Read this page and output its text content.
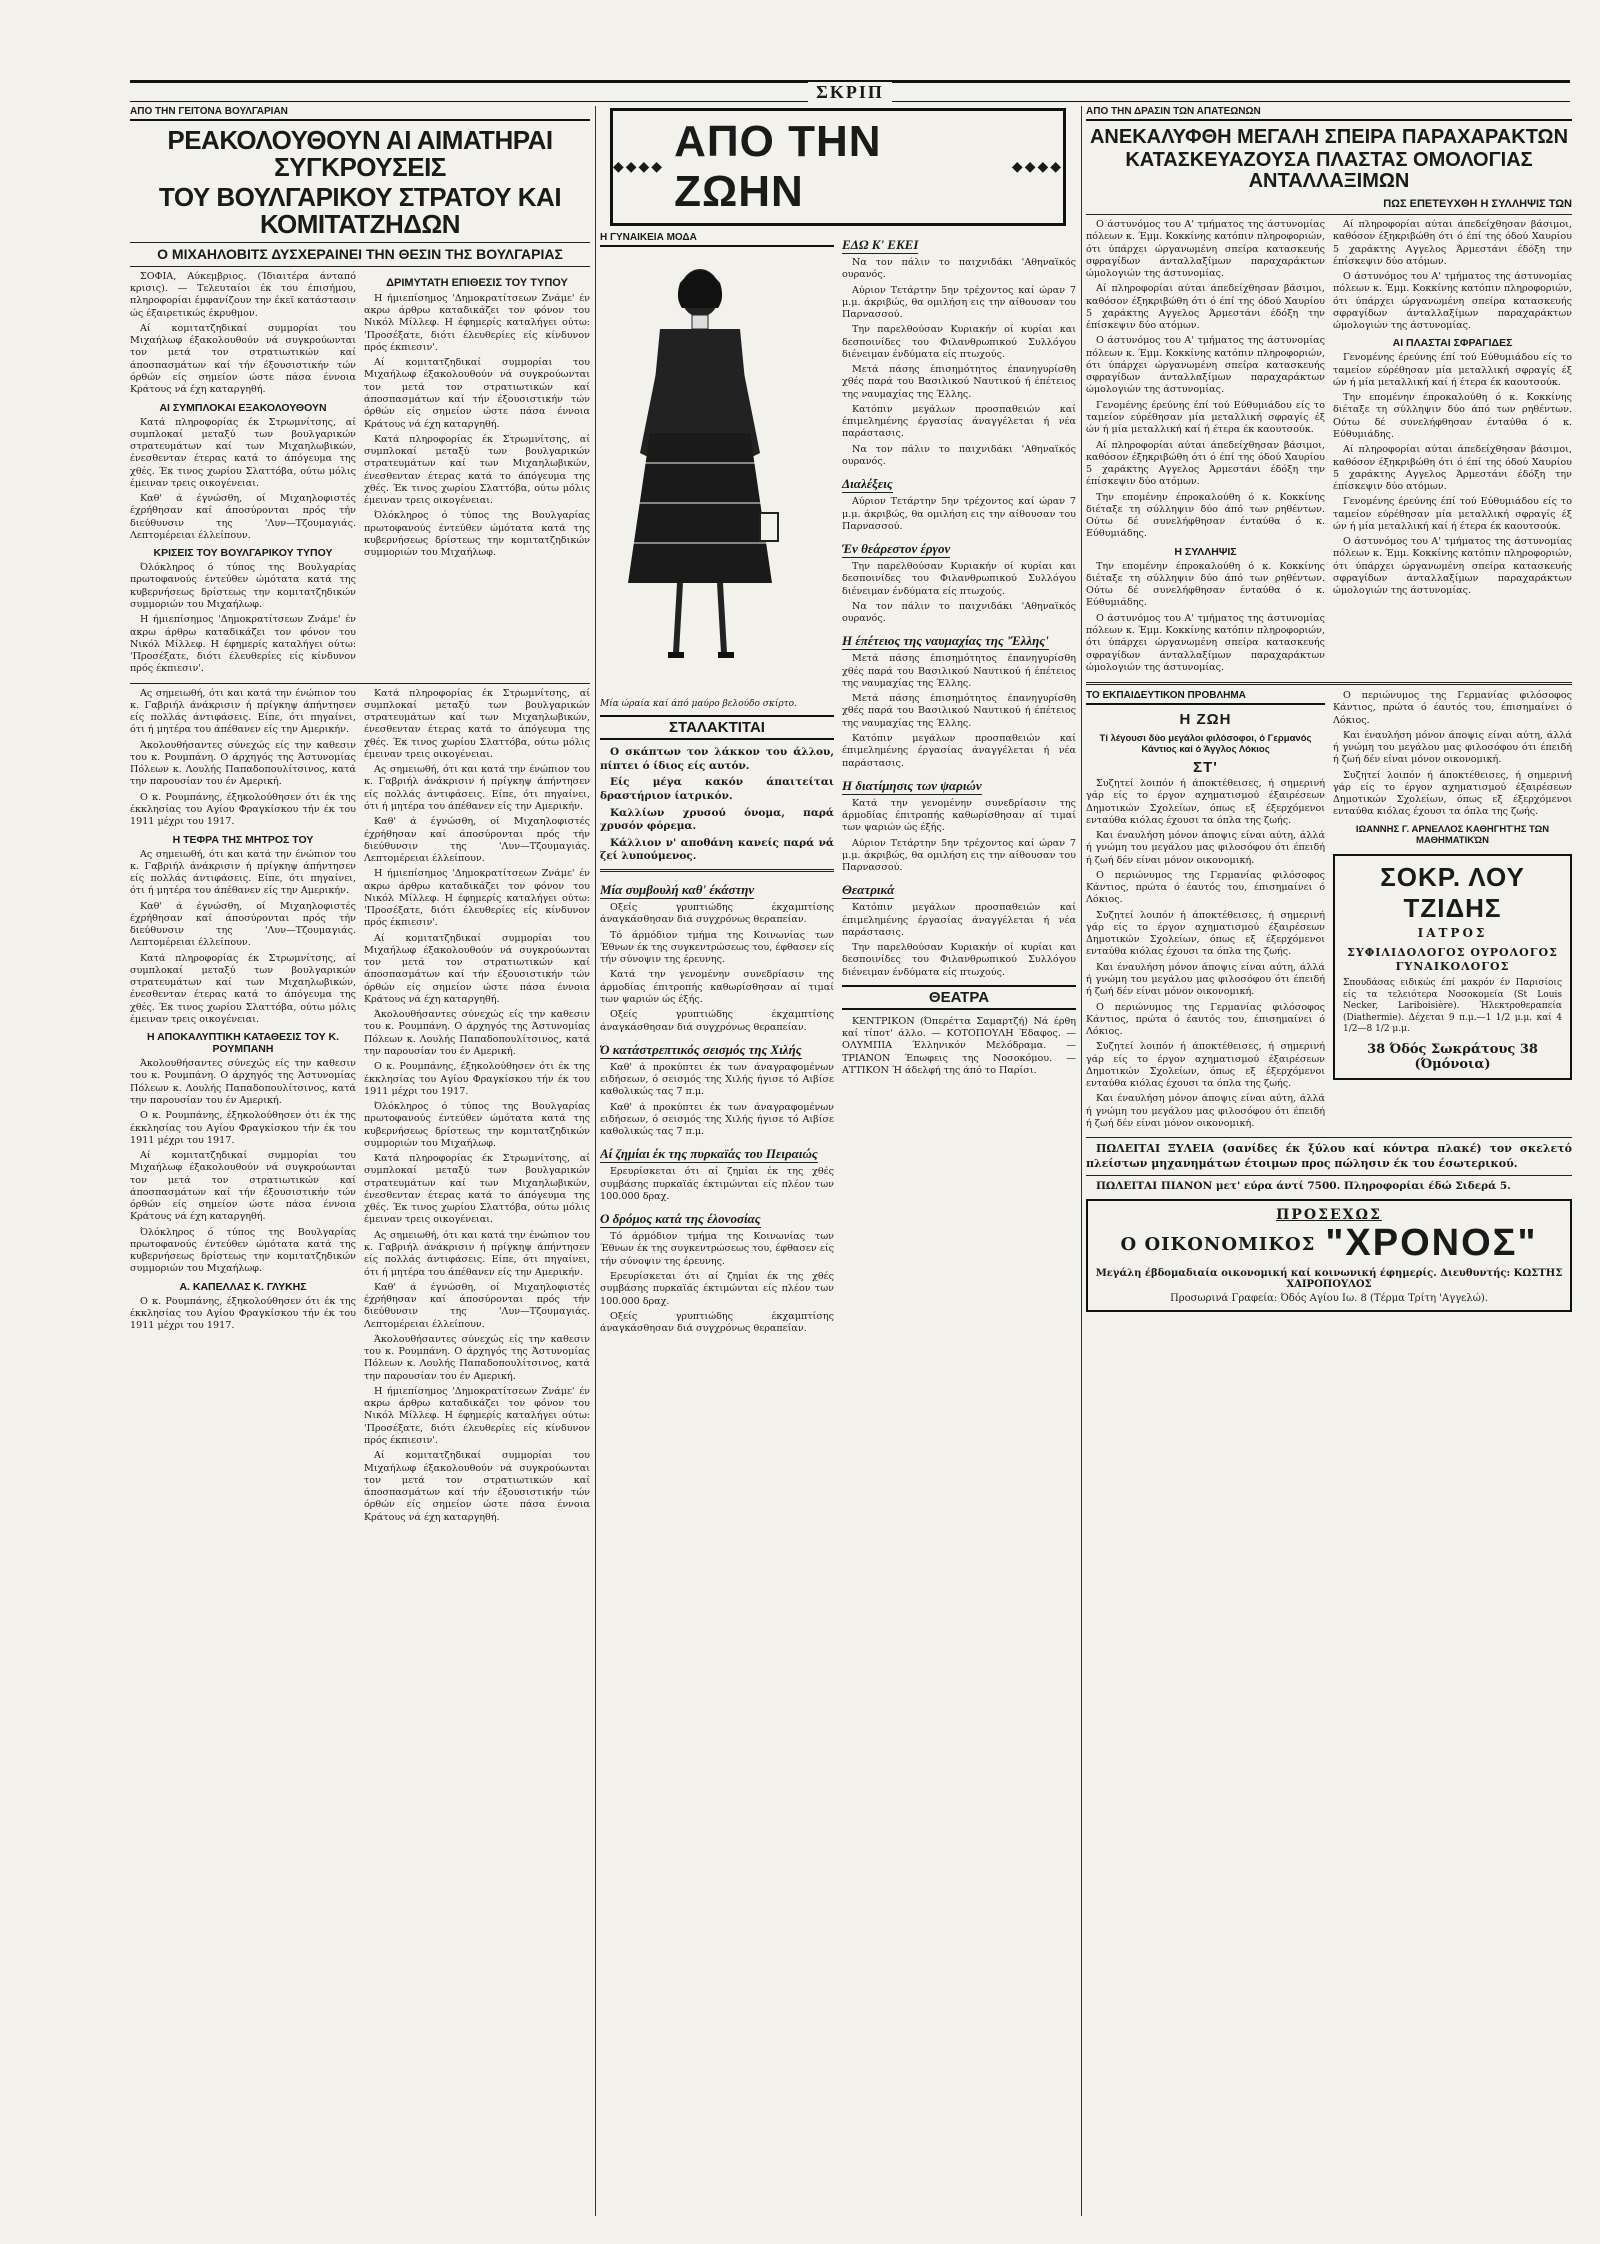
ΣΚΡΙΠ
ΑΠΟ ΤΗΝ ΓΕΙΤΟΝΑ ΒΟΥΛΓΑΡΙΑΝ
ΡΕΑΚΟΛΟΥΘΟΥΝ ΑΙ ΑΙΜΑΤΗΡΑΙ ΣΥΓΚΡΟΥΣΕΙΣ
ΤΟΥ ΒΟΥΛΓΑΡΙΚΟΥ ΣΤΡΑΤΟΥ ΚΑΙ ΚΟΜΙΤΑΤΖΗΔΩΝ
Ο ΜΙΧΑΗΛΟΒΙΤΣ ΔΥΣΧΕΡΑΙΝΕΙ ΤΗΝ ΘΕΣΙΝ ΤΗΣ ΒΟΥΛΓΑΡΙΑΣ

ΣΟΦΙΑ, Αύκεμβριος. (Ίδιαιτέρα άνταπό κρισις). — Τελευταίοι έκ του έπισήμου, πληροφορίαι έμφανίζουν την έκεϊ κατάστασιν ώς έξαιρετικώς έκρυθμον.

Αί κομιτατζηδικαί συμμορίαι του Μιχαήλωφ έξακολουθούν νά συγκρούωνται τον μετά τον στρατιωτικών καί άποσπασμάτων καί τήν έξουσιστικήν τών όρθών είς σημείον ώστε πάσα έννοια Κράτους νά έχη καταργηθή.

ΑΙ ΣΥΜΠΛΟΚΑΙ ΕΞΑΚΟΛΟΥΘΟΥΝ

Κατά πληροφορίας έκ Στρωμνίτσης, αί συμπλοκαί μεταξύ των βουλγαρικών στρατευμάτων καί των Μιχαηλωβικών, ένεσθενταν έτερας κατά το άπόγευμα της χθές. Έκ τινος χωρίου Σλαττόβα, ούτω μόλις έμειναν τρεις οικογένειαι.

Καθ' ά έγνώσθη, οί Μιχαηλοφιστές έχρήθησαν καί άποσύρονται πρός τήν διεύθυνσιν της 'Λυν—Τζουμαγιάς. Λεπτομέρειαι έλλείπουν.

ΚΡΙΣΕΙΣ ΤΟΥ ΒΟΥΛΓΑΡΙΚΟΥ ΤΥΠΟΥ

Όλόκληρος ό τύπος της Βουλγαρίας πρωτοφανούς έντεύθεν ώμότατα κατά της κυβερνήσεως δρίστεως την κομιτατζηδικών συμμοριών του Μιχαήλωφ.

Η ήμιεπίσημος 'Δημοκρατίτσεων Ζνάμε' έν ακρω άρθρω καταδικάζει τον φόνον του Νικόλ Μίλλεφ. Η έφημερίς καταλήγει ούτω: 'Προσέξατε, διότι έλευθερίες είς κίνδυνον πρός έκπιεσιν'.

ΔΡΙΜΥΤΑΤΗ ΕΠΙΘΕΣΙΣ ΤΟΥ ΤΥΠΟΥ

Η ήμιεπίσημος 'Δημοκρατίτσεων Ζνάμε' έν ακρω άρθρω καταδικάζει τον φόνον του Νικόλ Μίλλεφ. Η έφημερίς καταλήγει ούτω: 'Προσέξατε, διότι έλευθερίες είς κίνδυνον πρός έκπιεσιν'.

Αί κομιτατζηδικαί συμμορίαι του Μιχαήλωφ έξακολουθούν νά συγκρούωνται τον μετά τον στρατιωτικών καί άποσπασμάτων καί τήν έξουσιστικήν τών όρθών είς σημείον ώστε πάσα έννοια Κράτους νά έχη καταργηθή.

Κατά πληροφορίας έκ Στρωμνίτσης, αί συμπλοκαί μεταξύ των βουλγαρικών στρατευμάτων καί των Μιχαηλωβικών, ένεσθενταν έτερας κατά το άπόγευμα της χθές. Έκ τινος χωρίου Σλαττόβα, ούτω μόλις έμειναν τρεις οικογένειαι.

Όλόκληρος ό τύπος της Βουλγαρίας πρωτοφανούς έντεύθεν ώμότατα κατά της κυβερνήσεως δρίστεως την κομιτατζηδικών συμμοριών του Μιχαήλωφ.

Ας σημειωθή, ότι και κατά την ένώπιον του κ. Γαβριήλ άνάκρισιν ή πρίγκηψ άπήντησεν είς πολλάς άντιφάσεις. Είπε, ότι πηγαίνει, ότι ή μητέρα του άπέθανεν είς την Αμερικήν.

Άκολουθήσαντες σύνεχώς είς την καθεσιν του κ. Ρουμπάνη. Ο άρχηγός της Άστυνομίας Πόλεων κ. Λουλής Παπαδοπουλίτσινος, κατά την παρουσίαν του έν Αμερική.

Ο κ. Ρουμπάνης, έξηκολούθησεν ότι έκ της έκκλησίας του Αγίου Φραγκίσκου τήν έκ του 1911 μέχρι του 1917.

Η ΤΕΦΡΑ ΤΗΣ ΜΗΤΡΟΣ ΤΟΥ

Ας σημειωθή, ότι και κατά την ένώπιον του κ. Γαβριήλ άνάκρισιν ή πρίγκηψ άπήντησεν είς πολλάς άντιφάσεις. Είπε, ότι πηγαίνει, ότι ή μητέρα του άπέθανεν είς την Αμερικήν.

Καθ' ά έγνώσθη, οί Μιχαηλοφιστές έχρήθησαν καί άποσύρονται πρός τήν διεύθυνσιν της 'Λυν—Τζουμαγιάς. Λεπτομέρειαι έλλείπουν.

Κατά πληροφορίας έκ Στρωμνίτσης, αί συμπλοκαί μεταξύ των βουλγαρικών στρατευμάτων καί των Μιχαηλωβικών, ένεσθενταν έτερας κατά το άπόγευμα της χθές. Έκ τινος χωρίου Σλαττόβα, ούτω μόλις έμειναν τρεις οικογένειαι.

Η ΑΠΟΚΑΛΥΠΤΙΚΗ ΚΑΤΑΘΕΣΙΣ ΤΟΥ Κ. ΡΟΥΜΠΑΝΗ

Άκολουθήσαντες σύνεχώς είς την καθεσιν του κ. Ρουμπάνη. Ο άρχηγός της Άστυνομίας Πόλεων κ. Λουλής Παπαδοπουλίτσινος, κατά την παρουσίαν του έν Αμερική.

Ο κ. Ρουμπάνης, έξηκολούθησεν ότι έκ της έκκλησίας του Αγίου Φραγκίσκου τήν έκ του 1911 μέχρι του 1917.

Αί κομιτατζηδικαί συμμορίαι του Μιχαήλωφ έξακολουθούν νά συγκρούωνται τον μετά τον στρατιωτικών καί άποσπασμάτων καί τήν έξουσιστικήν τών όρθών είς σημείον ώστε πάσα έννοια Κράτους νά έχη καταργηθή.

Όλόκληρος ό τύπος της Βουλγαρίας πρωτοφανούς έντεύθεν ώμότατα κατά της κυβερνήσεως δρίστεως την κομιτατζηδικών συμμοριών του Μιχαήλωφ.

Α. ΚΑΠΕΛΛΑΣ Κ. ΓΛΥΚΗΣ

Ο κ. Ρουμπάνης, έξηκολούθησεν ότι έκ της έκκλησίας του Αγίου Φραγκίσκου τήν έκ του 1911 μέχρι του 1917.

Κατά πληροφορίας έκ Στρωμνίτσης, αί συμπλοκαί μεταξύ των βουλγαρικών στρατευμάτων καί των Μιχαηλωβικών, ένεσθενταν έτερας κατά το άπόγευμα της χθές. Έκ τινος χωρίου Σλαττόβα, ούτω μόλις έμειναν τρεις οικογένειαι.

Ας σημειωθή, ότι και κατά την ένώπιον του κ. Γαβριήλ άνάκρισιν ή πρίγκηψ άπήντησεν είς πολλάς άντιφάσεις. Είπε, ότι πηγαίνει, ότι ή μητέρα του άπέθανεν είς την Αμερικήν.

Καθ' ά έγνώσθη, οί Μιχαηλοφιστές έχρήθησαν καί άποσύρονται πρός τήν διεύθυνσιν της 'Λυν—Τζουμαγιάς. Λεπτομέρειαι έλλείπουν.

Η ήμιεπίσημος 'Δημοκρατίτσεων Ζνάμε' έν ακρω άρθρω καταδικάζει τον φόνον του Νικόλ Μίλλεφ. Η έφημερίς καταλήγει ούτω: 'Προσέξατε, διότι έλευθερίες είς κίνδυνον πρός έκπιεσιν'.

Αί κομιτατζηδικαί συμμορίαι του Μιχαήλωφ έξακολουθούν νά συγκρούωνται τον μετά τον στρατιωτικών καί άποσπασμάτων καί τήν έξουσιστικήν τών όρθών είς σημείον ώστε πάσα έννοια Κράτους νά έχη καταργηθή.

Άκολουθήσαντες σύνεχώς είς την καθεσιν του κ. Ρουμπάνη. Ο άρχηγός της Άστυνομίας Πόλεων κ. Λουλής Παπαδοπουλίτσινος, κατά την παρουσίαν του έν Αμερική.

Ο κ. Ρουμπάνης, έξηκολούθησεν ότι έκ της έκκλησίας του Αγίου Φραγκίσκου τήν έκ του 1911 μέχρι του 1917.

Όλόκληρος ό τύπος της Βουλγαρίας πρωτοφανούς έντεύθεν ώμότατα κατά της κυβερνήσεως δρίστεως την κομιτατζηδικών συμμοριών του Μιχαήλωφ.

Κατά πληροφορίας έκ Στρωμνίτσης, αί συμπλοκαί μεταξύ των βουλγαρικών στρατευμάτων καί των Μιχαηλωβικών, ένεσθενταν έτερας κατά το άπόγευμα της χθές. Έκ τινος χωρίου Σλαττόβα, ούτω μόλις έμειναν τρεις οικογένειαι.

Ας σημειωθή, ότι και κατά την ένώπιον του κ. Γαβριήλ άνάκρισιν ή πρίγκηψ άπήντησεν είς πολλάς άντιφάσεις. Είπε, ότι πηγαίνει, ότι ή μητέρα του άπέθανεν είς την Αμερικήν.

Καθ' ά έγνώσθη, οί Μιχαηλοφιστές έχρήθησαν καί άποσύρονται πρός τήν διεύθυνσιν της 'Λυν—Τζουμαγιάς. Λεπτομέρειαι έλλείπουν.

Άκολουθήσαντες σύνεχώς είς την καθεσιν του κ. Ρουμπάνη. Ο άρχηγός της Άστυνομίας Πόλεων κ. Λουλής Παπαδοπουλίτσινος, κατά την παρουσίαν του έν Αμερική.

Η ήμιεπίσημος 'Δημοκρατίτσεων Ζνάμε' έν ακρω άρθρω καταδικάζει τον φόνον του Νικόλ Μίλλεφ. Η έφημερίς καταλήγει ούτω: 'Προσέξατε, διότι έλευθερίες είς κίνδυνον πρός έκπιεσιν'.

Αί κομιτατζηδικαί συμμορίαι του Μιχαήλωφ έξακολουθούν νά συγκρούωνται τον μετά τον στρατιωτικών καί άποσπασμάτων καί τήν έξουσιστικήν τών όρθών είς σημείον ώστε πάσα έννοια Κράτους νά έχη καταργηθή.

◆◆◆◆
ΑΠΟ ΤΗΝ ΖΩΗΝ	◆◆◆◆
Η ΓΥΝΑΙΚΕΙΑ ΜΟΔΑ
Μία ώραία καί άπό μαύρο βελούδο σκίρτο.
ΣΤΑΛΑΚΤΙΤΑΙ

Ο σκάπτων τον λάκκον του άλλου, πίπτει ό ίδιος είς αυτόν.

Είς μέγα κακόν άπαιτείται δραστήριον ίατρικόν.

Καλλίων χρυσού όνομα, παρά χρυσόν φόρεμα.

Κάλλιον ν' αποθάνη κανείς παρά νά ζεί λυπούμενος.

Μία συμβουλή καθ' έκάστην

Οξείς γρυπτιώδης έκχαμπτίσης άναγκάσθησαν διά συγχρόνως θεραπείαν.

Τό άρμόδιον τμήμα της Κοινωνίας των Έθνων έκ της συγκεντρώσεως του, έφθασεν είς τήν σύνοψιν της έρευνης.

Κατά την γενομένην συνεδρίασιν της άρμοδίας έπιτροπής καθωρίσθησαν αί τιμαί των ψαριών ώς έξής.

Οξείς γρυπτιώδης έκχαμπτίσης άναγκάσθησαν διά συγχρόνως θεραπείαν.

Ό κατάστρεπτικός σεισμός της Χιλής

Καθ' ά προκύπτει έκ των άναγραφομένων ειδήσεων, ό σεισμός της Χιλής ήγισε τό Αιβίσε καθολικώς τας 7 π.μ.

Καθ' ά προκύπτει έκ των άναγραφομένων ειδήσεων, ό σεισμός της Χιλής ήγισε τό Αιβίσε καθολικώς τας 7 π.μ.

Αί ζημίαι έκ της πυρκαϊάς του Πειραιώς

Ερευρίσκεται ότι αί ζημίαι έκ της χθές συμβάσης πυρκαϊάς έκτιμώνται είς πλέον των 100.000 δραχ.

Ο δρόμος κατά της έλονοσίας

Τό άρμόδιον τμήμα της Κοινωνίας των Έθνων έκ της συγκεντρώσεως του, έφθασεν είς τήν σύνοψιν της έρευνης.

Ερευρίσκεται ότι αί ζημίαι έκ της χθές συμβάσης πυρκαϊάς έκτιμώνται είς πλέον των 100.000 δραχ.

Οξείς γρυπτιώδης έκχαμπτίσης άναγκάσθησαν διά συγχρόνως θεραπείαν.

ΕΔΩ Κ' ΕΚΕΙ

Να τον πάλιν το παιχνιδάκι 'Αθηναϊκός ουρανός.

Αύριον Τετάρτην 5ην τρέχοντος καί ώραν 7 μ.μ. άκριβώς, θα ομιλήση εις την αίθουσαν του Παρνασσού.

Την παρελθούσαν Κυριακήν οί κυρίαι και δεσποινίδες του Φιλανθρωπικού Συλλόγου διένειμαν ένδύματα είς πτωχούς.

Μετά πάσης έπισημότητος έπανηγυρίσθη χθές παρά του Βασιλικού Ναυτικού ή έπέτειος της ναυμαχίας της Έλλης.

Κατόπιν μεγάλων προσπαθειών καί έπιμελημένης έργασίας άναγγέλεται ή νέα παράστασις.

Να τον πάλιν το παιχνιδάκι 'Αθηναϊκός ουρανός.

Διαλέξεις

Αύριον Τετάρτην 5ην τρέχοντος καί ώραν 7 μ.μ. άκριβώς, θα ομιλήση εις την αίθουσαν του Παρνασσού.

Έν θεάρεστον έργον

Την παρελθούσαν Κυριακήν οί κυρίαι και δεσποινίδες του Φιλανθρωπικού Συλλόγου διένειμαν ένδύματα είς πτωχούς.

Να τον πάλιν το παιχνιδάκι 'Αθηναϊκός ουρανός.

Η έπέτειος της ναυμαχίας της 'Έλλης'

Μετά πάσης έπισημότητος έπανηγυρίσθη χθές παρά του Βασιλικού Ναυτικού ή έπέτειος της ναυμαχίας της Έλλης.

Μετά πάσης έπισημότητος έπανηγυρίσθη χθές παρά του Βασιλικού Ναυτικού ή έπέτειος της ναυμαχίας της Έλλης.

Κατόπιν μεγάλων προσπαθειών καί έπιμελημένης έργασίας άναγγέλεται ή νέα παράστασις.

Η διατίμησις των ψαριών

Κατά την γενομένην συνεδρίασιν της άρμοδίας έπιτροπής καθωρίσθησαν αί τιμαί των ψαριών ώς έξής.

Αύριον Τετάρτην 5ην τρέχοντος καί ώραν 7 μ.μ. άκριβώς, θα ομιλήση εις την αίθουσαν του Παρνασσού.

Θεατρικά

Κατόπιν μεγάλων προσπαθειών καί έπιμελημένης έργασίας άναγγέλεται ή νέα παράστασις.

Την παρελθούσαν Κυριακήν οί κυρίαι και δεσποινίδες του Φιλανθρωπικού Συλλόγου διένειμαν ένδύματα είς πτωχούς.

ΘΕΑΤΡΑ

ΚΕΝΤΡΙΚΟΝ (Όπερέττα Σαμαρτζή) Νά έρθη καί τίποτ' άλλο. — ΚΟΤΟΠΟΥΛΗ Έδαφος. — ΟΛΥΜΠΙΑ Έλληνικόν Μελόδραμα. — ΤΡΙΑΝΟΝ Έπωφεις της Νοσοκόμου. — ΑΤΤΙΚΟΝ Ή άδελφή της άπό το Παρίσι.

ΑΠΟ ΤΗΝ ΔΡΑΣΙΝ ΤΩΝ ΑΠΑΤΕΩΝΩΝ
ΑΝΕΚΑΛΥΦΘΗ ΜΕΓΑΛΗ ΣΠΕΙΡΑ ΠΑΡΑΧΑΡΑΚΤΩΝ
ΚΑΤΑΣΚΕΥΑΖΟΥΣΑ ΠΛΑΣΤΑΣ ΟΜΟΛΟΓΙΑΣ ΑΝΤΑΛΛΑΞΙΜΩΝ
ΠΩΣ ΕΠΕΤΕΥΧΘΗ Η ΣΥΛΛΗΨΙΣ ΤΩΝ

Ο άστυνόμος του Α' τμήματος της άστυνομίας πόλεων κ. Έμμ. Κοκκίνης κατόπιν πληροφοριών, ότι ύπάρχει ώργανωμένη σπείρα κατασκευής σφραγίδων άνταλλαξίμων παραχαράκτων ώμολογιών της άστυνομίας.

Αί πληροφορίαι αύται άπεδείχθησαν βάσιμοι, καθόσον έξηκριβώθη ότι ό έπί της όδού Χαυρίου 5 χαράκτης Αγγελος Άρμεστάνι έδόξη την έπίσκεψιν δύο ατόμων.

Ο άστυνόμος του Α' τμήματος της άστυνομίας πόλεων κ. Έμμ. Κοκκίνης κατόπιν πληροφοριών, ότι ύπάρχει ώργανωμένη σπείρα κατασκευής σφραγίδων άνταλλαξίμων παραχαράκτων ώμολογιών της άστυνομίας.

Γενομένης έρεύνης έπί τού Εύθυμιάδου είς το ταμείον εύρέθησαν μία μεταλλική σφραγίς έξ ών ή μία μεταλλική καί ή έτερα έκ καουτσούκ.

Αί πληροφορίαι αύται άπεδείχθησαν βάσιμοι, καθόσον έξηκριβώθη ότι ό έπί της όδού Χαυρίου 5 χαράκτης Αγγελος Άρμεστάνι έδόξη την έπίσκεψιν δύο ατόμων.

Την επομένην έπροκαλούθη ό κ. Κοκκίνης διέταξε τη σύλληψιν δύο άπό των ρηθέντων. Ούτω δέ συνελήφθησαν ένταύθα ό κ. Εύθυμιάδης.

Η ΣΥΛΛΗΨΙΣ

Την επομένην έπροκαλούθη ό κ. Κοκκίνης διέταξε τη σύλληψιν δύο άπό των ρηθέντων. Ούτω δέ συνελήφθησαν ένταύθα ό κ. Εύθυμιάδης.

Ο άστυνόμος του Α' τμήματος της άστυνομίας πόλεων κ. Έμμ. Κοκκίνης κατόπιν πληροφοριών, ότι ύπάρχει ώργανωμένη σπείρα κατασκευής σφραγίδων άνταλλαξίμων παραχαράκτων ώμολογιών της άστυνομίας.

Αί πληροφορίαι αύται άπεδείχθησαν βάσιμοι, καθόσον έξηκριβώθη ότι ό έπί της όδού Χαυρίου 5 χαράκτης Αγγελος Άρμεστάνι έδόξη την έπίσκεψιν δύο ατόμων.

Ο άστυνόμος του Α' τμήματος της άστυνομίας πόλεων κ. Έμμ. Κοκκίνης κατόπιν πληροφοριών, ότι ύπάρχει ώργανωμένη σπείρα κατασκευής σφραγίδων άνταλλαξίμων παραχαράκτων ώμολογιών της άστυνομίας.

ΑΙ ΠΛΑΣΤΑΙ ΣΦΡΑΓΙΔΕΣ

Γενομένης έρεύνης έπί τού Εύθυμιάδου είς το ταμείον εύρέθησαν μία μεταλλική σφραγίς έξ ών ή μία μεταλλική καί ή έτερα έκ καουτσούκ.

Την επομένην έπροκαλούθη ό κ. Κοκκίνης διέταξε τη σύλληψιν δύο άπό των ρηθέντων. Ούτω δέ συνελήφθησαν ένταύθα ό κ. Εύθυμιάδης.

Αί πληροφορίαι αύται άπεδείχθησαν βάσιμοι, καθόσον έξηκριβώθη ότι ό έπί της όδού Χαυρίου 5 χαράκτης Αγγελος Άρμεστάνι έδόξη την έπίσκεψιν δύο ατόμων.

Γενομένης έρεύνης έπί τού Εύθυμιάδου είς το ταμείον εύρέθησαν μία μεταλλική σφραγίς έξ ών ή μία μεταλλική καί ή έτερα έκ καουτσούκ.

Ο άστυνόμος του Α' τμήματος της άστυνομίας πόλεων κ. Έμμ. Κοκκίνης κατόπιν πληροφοριών, ότι ύπάρχει ώργανωμένη σπείρα κατασκευής σφραγίδων άνταλλαξίμων παραχαράκτων ώμολογιών της άστυνομίας.

ΤΟ ΕΚΠΑΙΔΕΥΤΙΚΟΝ ΠΡΟΒΛΗΜΑ
Η ΖΩΗ
Τί λέγουσι δύο μεγάλοι φιλόσοφοι, ό Γερμανός Κάντιος καί ό Άγγλος Λόκιος
ΣΤ'

Συζητεί λοιπόν ή άποκτέθεισες, ή σημερινή γάρ είς το έργον αχηματισμού έξαιρέσεων Δημοτικών Σχολείων, όπως εξ έξερχόμενοι ενταύθα κιόλας έχουσι τα όπλα της ζωής.

Και έναυλήση μόνον άποψις είναι αύτη, άλλά ή γνώμη του μεγάλου μας φιλοσόφου ότι έπειδή ή ζωή δέν είναι μόνον οικονομική.

Ο περιώνυμος της Γερμανίας φιλόσοφος Κάντιος, πρώτα ό έαυτός του, έπισημαίνει ό Λόκιος.

Συζητεί λοιπόν ή άποκτέθεισες, ή σημερινή γάρ είς το έργον αχηματισμού έξαιρέσεων Δημοτικών Σχολείων, όπως εξ έξερχόμενοι ενταύθα κιόλας έχουσι τα όπλα της ζωής.

Και έναυλήση μόνον άποψις είναι αύτη, άλλά ή γνώμη του μεγάλου μας φιλοσόφου ότι έπειδή ή ζωή δέν είναι μόνον οικονομική.

Ο περιώνυμος της Γερμανίας φιλόσοφος Κάντιος, πρώτα ό έαυτός του, έπισημαίνει ό Λόκιος.

Συζητεί λοιπόν ή άποκτέθεισες, ή σημερινή γάρ είς το έργον αχηματισμού έξαιρέσεων Δημοτικών Σχολείων, όπως εξ έξερχόμενοι ενταύθα κιόλας έχουσι τα όπλα της ζωής.

Και έναυλήση μόνον άποψις είναι αύτη, άλλά ή γνώμη του μεγάλου μας φιλοσόφου ότι έπειδή ή ζωή δέν είναι μόνον οικονομική.

Ο περιώνυμος της Γερμανίας φιλόσοφος Κάντιος, πρώτα ό έαυτός του, έπισημαίνει ό Λόκιος.

Και έναυλήση μόνον άποψις είναι αύτη, άλλά ή γνώμη του μεγάλου μας φιλοσόφου ότι έπειδή ή ζωή δέν είναι μόνον οικονομική.

Συζητεί λοιπόν ή άποκτέθεισες, ή σημερινή γάρ είς το έργον αχηματισμού έξαιρέσεων Δημοτικών Σχολείων, όπως εξ έξερχόμενοι ενταύθα κιόλας έχουσι τα όπλα της ζωής.

ΙΩΑΝΝΗΣ Γ. ΑΡΝΕΛΛΟΣ ΚΑΘΗΓΗΤΉΣ ΤΩΝ ΜΑΘΗΜΑΤΙΚΏΝ
ΣΟΚΡ. ΛΟΥ ΤΖΙΔΗΣ
ΙΑΤΡΟΣ
ΣΥΦΙΛΙΔΟΛΟΓΟΣ ΟΥΡΟΛΟΓΟΣ ΓΥΝΑΙΚΟΛΟΓΟΣ

Σπουδάσας ειδικώς έπί μακρόν έν Παρισίοις είς τα τελειότερα Νοσοκομεία (St Louis Necker, Lariboisière). Ήλεκτροθεραπεία (Diathermie). Δέχεται 9 π.μ.—1 1/2 μ.μ. καί 4 1/2—8 1/2 μ.μ.

38 Όδός Σωκράτους 38 (Όμόνοια)

ΠΩΛΕΙΤΑΙ ΞΥΛΕΙΑ (σανίδες έκ ξύλου καί κόντρα πλακέ) τον σκελετό πλείστων μηχανημάτων έτοιμων προς πώλησιν έκ του έσωτερικού.

ΠΩΛΕΙΤΑΙ ΠΙΑΝΟΝ μετ' εύρα άντί 7500. Πληροφορίαι έδώ Σιδερά 5.

ΠΡΟΣΕΧΩΣ
Ο ΟΙΚΟΝΟΜΙΚΟΣ "ΧΡΟΝΟΣ"
Μεγάλη έβδομαδιαία οικονομική καί κοινωνική έφημερίς. Διευθυντής: ΚΩΣΤΗΣ ΧΑΙΡΟΠΟΥΛΟΣ
Προσωρινά Γραφεία: Όδός Αγίου Ιω. 8 (Τέρμα Τρίτη 'Αγγελώ).
